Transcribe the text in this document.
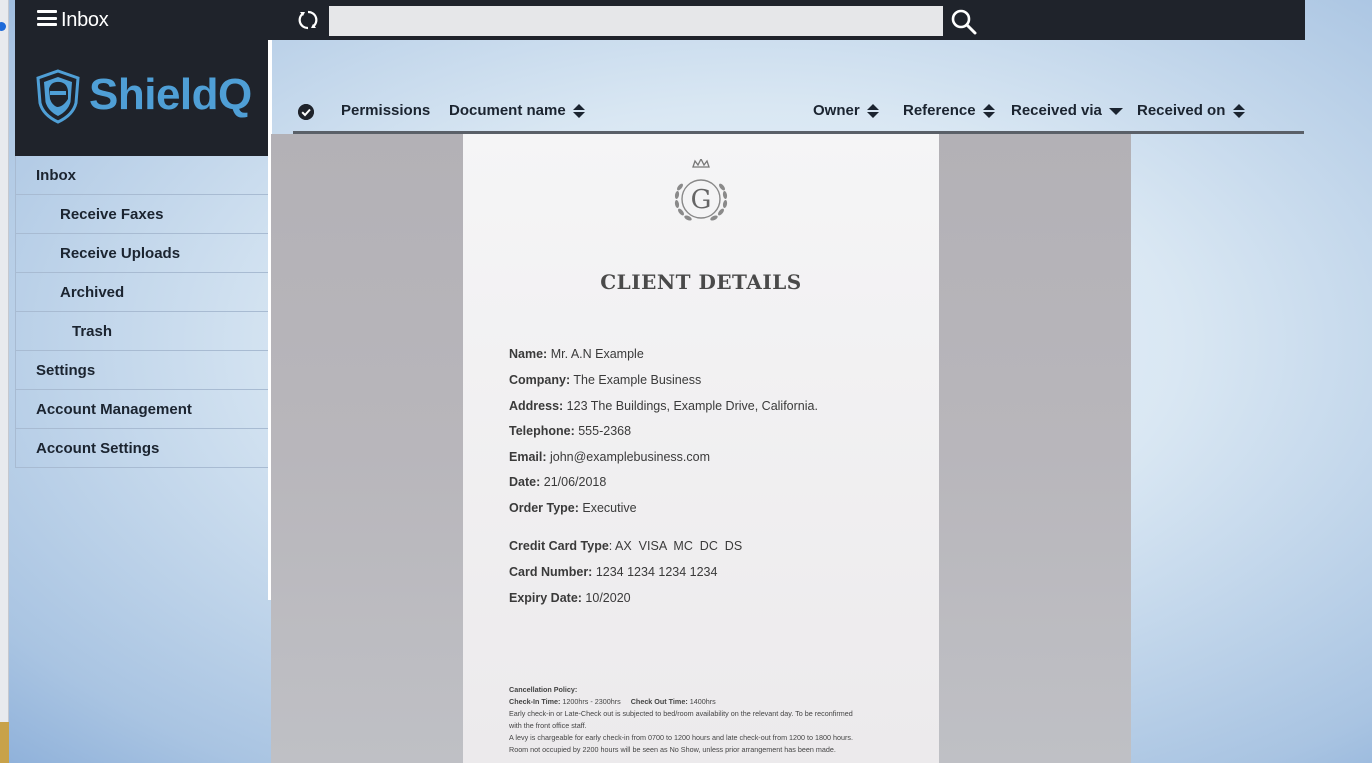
Inbox
ShieldQ
Inbox
Receive Faxes
Receive Uploads
Archived
Trash
Settings
Account Management
Account Settings
Permissions Document name	Owner	Reference	Received via	Received on
G
CLIENT DETAILS
Name: Mr. A.N Example
Company: The Example Business
Address: 123 The Buildings, Example Drive, California.
Telephone: 555-2368
Email: john@examplebusiness.com
Date: 21/06/2018
Order Type: Executive
Credit Card Type: AX  VISA  MC  DC  DS
Card Number: 1234 1234 1234 1234
Expiry Date: 10/2020
Cancellation Policy:
Check-In Time: 1200hrs - 2300hrs Check Out Time: 1400hrs
Early check-in or Late-Check out is subjected to bed/room availability on the relevant day. To be reconfirmed
with the front office staff.
A levy is chargeable for early check-in from 0700 to 1200 hours and late check-out from 1200 to 1800 hours.
Room not occupied by 2200 hours will be seen as No Show, unless prior arrangement has been made.
